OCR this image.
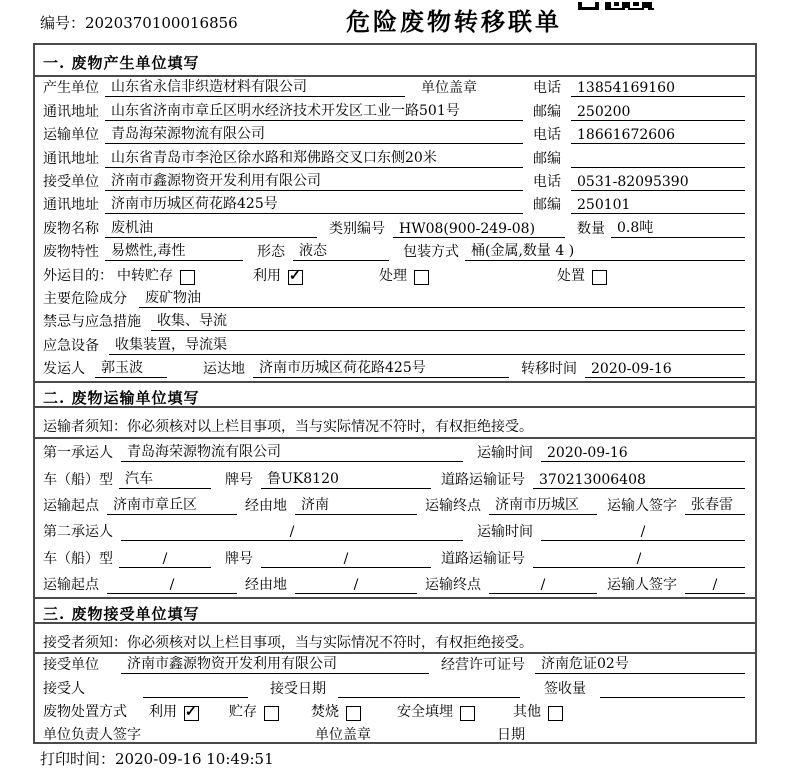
编号：2020370100016856	危险废物转移联单
一. 废物产生单位填写
产生单位 山东省永信非织造材料有限公司	单位盖章	电话	13854169160
通讯地址 山东省济南市章丘区明水经济技术开发区工业一路501号	邮编	250200
运输单位 青岛海荣源物流有限公司	电话	18661672606
通讯地址 山东省青岛市李沧区徐水路和郑佛路交叉口东侧20米	邮编
接受单位 济南市鑫源物资开发利用有限公司	电话	0531-82095390
通讯地址 济南市历城区荷花路425号	邮编	250101
废物名称 废机油	类别编号	HW08(900-249-08)	数量 0.8吨
废物特性 易燃性,毒性	形态	液态	包装方式 桶(金属,数量 4 )
外运目的： 中转贮存	利用 ✓	处理	处置
主要危险成分	废矿物油
禁忌与应急措施	收集、导流
应急设备	收集装置，导流渠
发运人	郭玉波	运达地	济南市历城区荷花路425号	转移时间	2020-09-16
二. 废物运输单位填写
运输者须知：你必须核对以上栏目事项，当与实际情况不符时，有权拒绝接受。
第一承运人	青岛海荣源物流有限公司	运输时间	2020-09-16
车（船）型 汽车	牌号	鲁UK8120	道路运输证号	370213006408
运输起点	济南市章丘区	经由地	济南	运输终点	济南市历城区	运输人签字	张春雷
第二承运人	/	运输时间	/
车（船）型	/	牌号	/	道路运输证号	/
运输起点	/	经由地	/	运输终点	/	运输人签字	/
三. 废物接受单位填写
接受者须知：你必须核对以上栏目事项，当与实际情况不符时，有权拒绝接受。
接受单位	济南市鑫源物资开发利用有限公司	经营许可证号	济南危证02号
接受人	接受日期	签收量
废物处置方式 利用 ✓	贮存	焚烧	安全填埋	其他
单位负责人签字	单位盖章	日期
打印时间：2020-09-16 10:49:51
